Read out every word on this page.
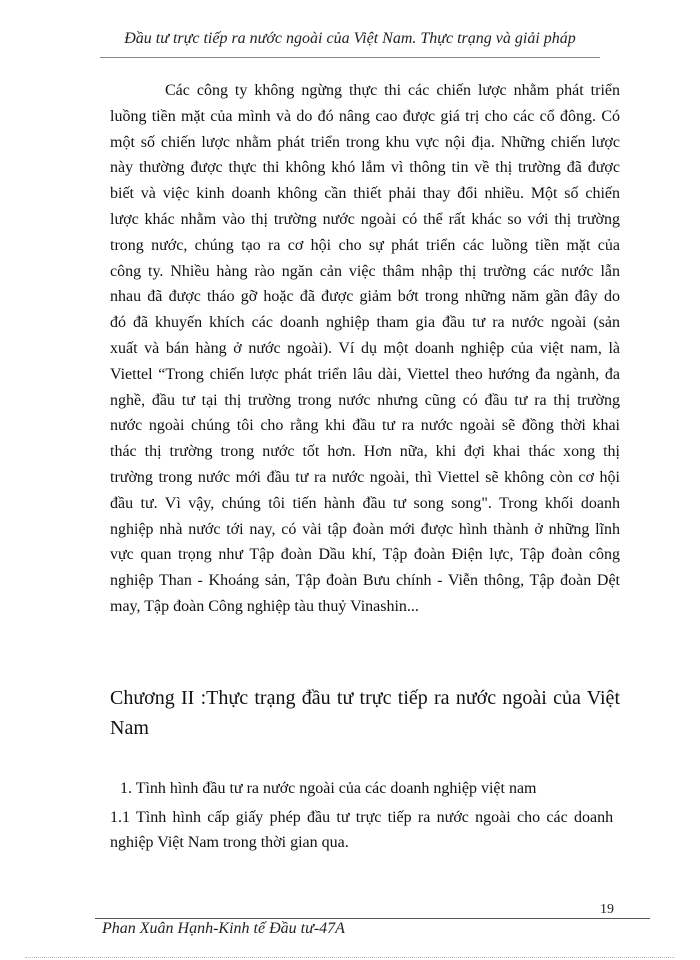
Đầu tư trực tiếp ra nước ngoài của Việt Nam. Thực trạng và giải pháp
Các công ty không ngừng thực thi các chiến lược nhằm phát triển
luồng tiền mặt của mình và do đó nâng cao được giá trị cho các cổ đông. Có
một số chiến lược nhằm phát triển trong khu vực nội địa. Những chiến lược
này thường được thực thi không khó lắm vì thông tin về thị trường đã được
biết và việc kinh doanh không cần thiết phải thay đổi nhiều. Một số chiến
lược khác nhằm vào thị trường nước ngoài có thể rất khác so với thị trường
trong nước, chúng tạo ra cơ hội cho sự phát triển các luồng tiền mặt của
công ty. Nhiều hàng rào ngăn cản việc thâm nhập thị trường các nước lẫn
nhau đã được tháo gỡ hoặc đã được giảm bớt trong những năm gần đây do
đó đã khuyến khích các doanh nghiệp tham gia đầu tư ra nước ngoài (sản
xuất và bán hàng ở nước ngoài). Ví dụ một doanh nghiệp của việt nam, là
Viettel “Trong chiến lược phát triển lâu dài, Viettel theo hướng đa ngành, đa
nghề, đầu tư tại thị trường trong nước nhưng cũng có đầu tư ra thị trường
nước ngoài chúng tôi cho rằng khi đầu tư ra nước ngoài sẽ đồng thời khai
thác thị trường trong nước tốt hơn. Hơn nữa, khi đợi khai thác xong thị
trường trong nước mới đầu tư ra nước ngoài, thì Viettel sẽ không còn cơ hội
đầu tư. Vì vậy, chúng tôi tiến hành đầu tư song song". Trong khối doanh
nghiệp nhà nước tới nay, có vài tập đoàn mới được hình thành ở những lĩnh
vực quan trọng như Tập đoàn Dầu khí, Tập đoàn Điện lực, Tập đoàn công
nghiệp Than - Khoáng sản, Tập đoàn Bưu chính - Viễn thông, Tập đoàn Dệt
may, Tập đoàn Công nghiệp tàu thuỷ Vinashin...
Chương II :Thực trạng đầu tư trực tiếp ra nước ngoài của Việt
Nam
1. Tình hình đầu tư ra nước ngoài của các doanh nghiệp việt nam
1.1 Tình hình cấp giấy phép đầu tư trực tiếp ra nước ngoài cho các doanh
nghiệp Việt Nam trong thời gian qua.
19
Phan Xuân Hạnh-Kinh tế Đầu tư-47A
